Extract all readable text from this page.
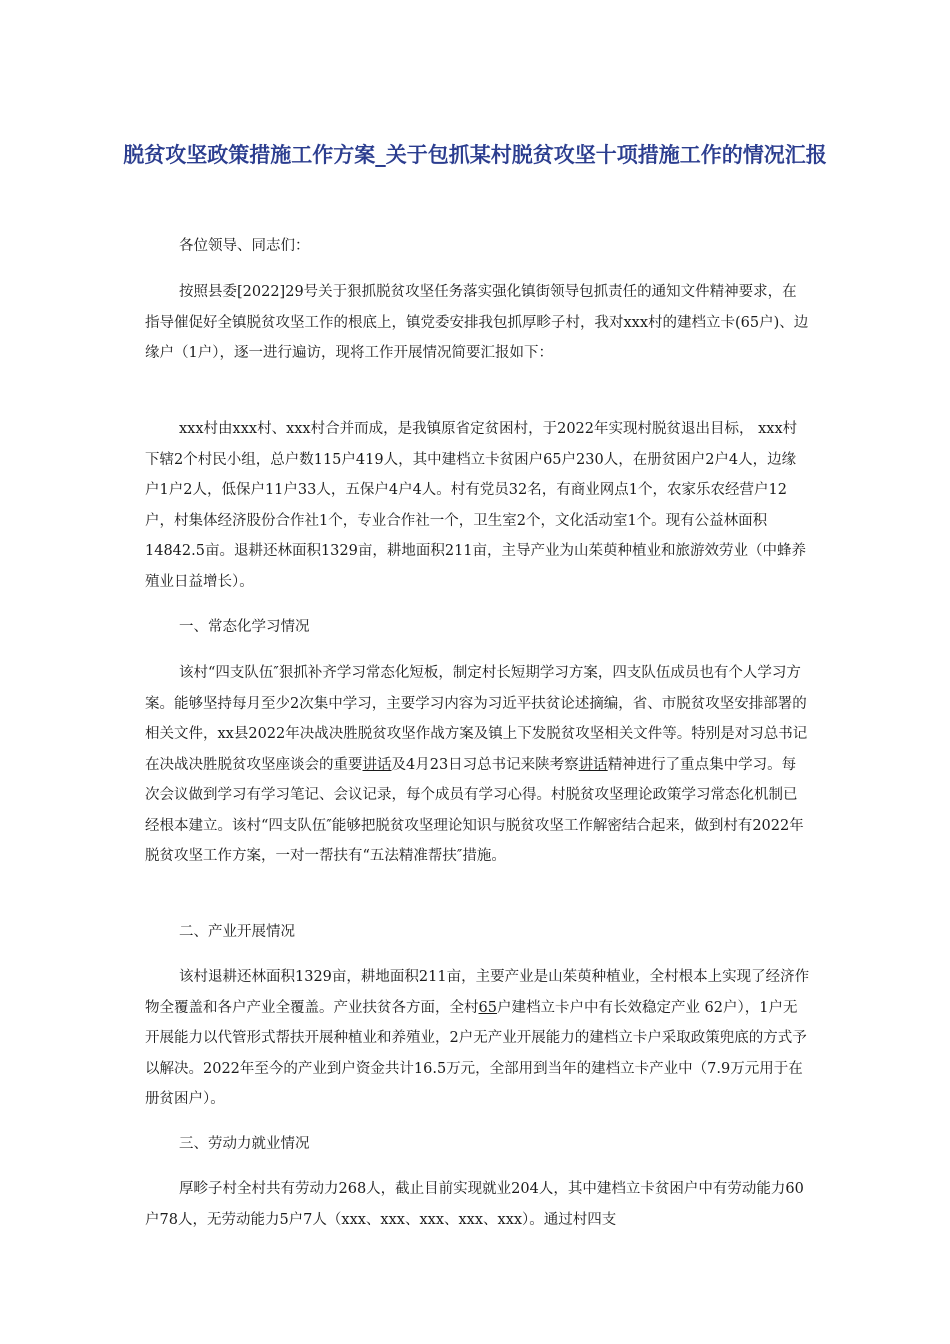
脱贫攻坚政策措施工作方案_关于包抓某村脱贫攻坚十项措施工作的情况汇报

各位领导、同志们：

按照县委[2022]29号关于狠抓脱贫攻坚任务落实强化镇街领导包抓责任的通知文件精神要求，在指导催促好全镇脱贫攻坚工作的根底上，镇党委安排我包抓厚畛子村，我对xxx村的建档立卡(65户)、边缘户（1户），逐一进行遍访，现将工作开展情况简要汇报如下：

xxx村由xxx村、xxx村合并而成，是我镇原省定贫困村，于2022年实现村脱贫退出目标， xxx村下辖2个村民小组，总户数115户419人，其中建档立卡贫困户65户230人，在册贫困户2户4人，边缘户1户2人，低保户11户33人，五保户4户4人。村有党员32名，有商业网点1个，农家乐农经营户12户，村集体经济股份合作社1个，专业合作社一个，卫生室2个，文化活动室1个。现有公益林面积14842.5亩。退耕还林面积1329亩，耕地面积211亩，主导产业为山茱萸种植业和旅游效劳业（中蜂养殖业日益增长）。

一、常态化学习情况

该村“四支队伍″狠抓补齐学习常态化短板，制定村长短期学习方案，四支队伍成员也有个人学习方案。能够坚持每月至少2次集中学习，主要学习内容为习近平扶贫论述摘编，省、市脱贫攻坚安排部署的相关文件，xx县2022年决战决胜脱贫攻坚作战方案及镇上下发脱贫攻坚相关文件等。特别是对习总书记在决战决胜脱贫攻坚座谈会的重要讲话及4月23日习总书记来陕考察讲话精神进行了重点集中学习。每次会议做到学习有学习笔记、会议记录，每个成员有学习心得。村脱贫攻坚理论政策学习常态化机制已经根本建立。该村“四支队伍″能够把脱贫攻坚理论知识与脱贫攻坚工作解密结合起来，做到村有2022年脱贫攻坚工作方案，一对一帮扶有“五法精准帮扶″措施。

二、产业开展情况

该村退耕还林面积1329亩，耕地面积211亩，主要产业是山茱萸种植业，全村根本上实现了经济作物全覆盖和各户产业全覆盖。产业扶贫各方面，全村65户建档立卡户中有长效稳定产业 62户），1户无开展能力以代管形式帮扶开展种植业和养殖业，2户无产业开展能力的建档立卡户采取政策兜底的方式予以解决。2022年至今的产业到户资金共计16.5万元，全部用到当年的建档立卡产业中（7.9万元用于在册贫困户）。

三、劳动力就业情况

厚畛子村全村共有劳动力268人，截止目前实现就业204人，其中建档立卡贫困户中有劳动能力60户78人，无劳动能力5户7人（xxx、xxx、xxx、xxx、xxx）。通过村四支
